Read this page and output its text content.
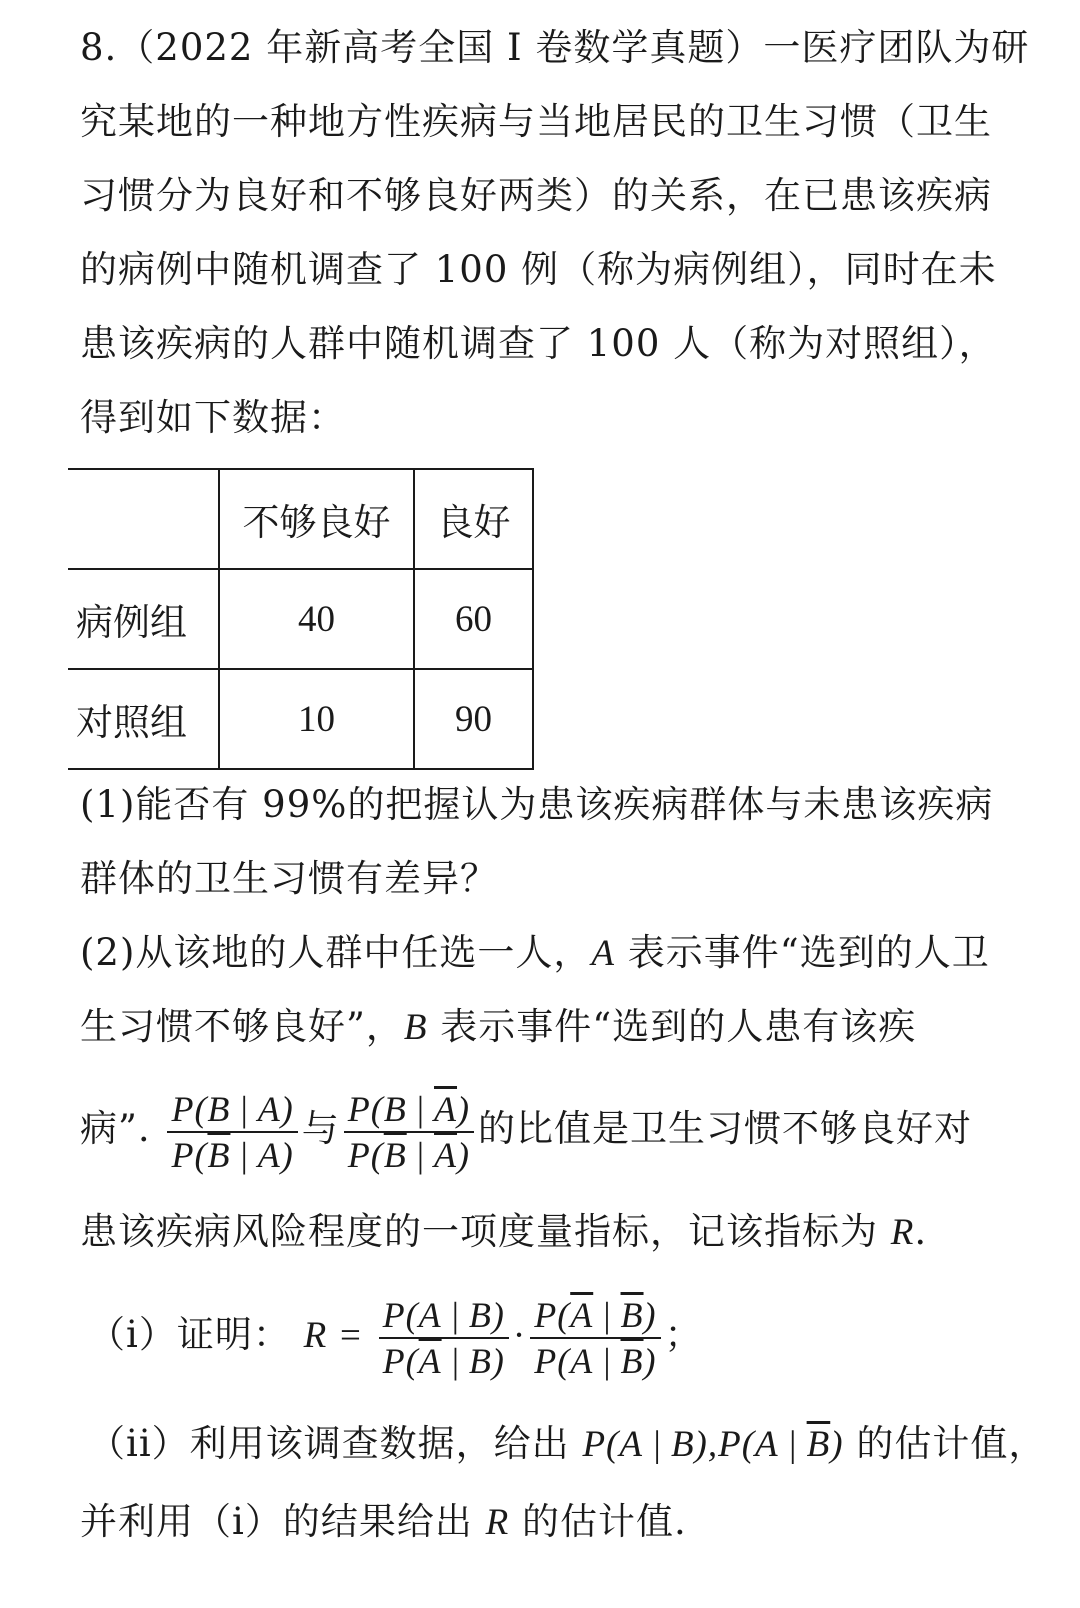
8.（2022 年新高考全国 I 卷数学真题）一医疗团队为研
究某地的一种地方性疾病与当地居民的卫生习惯（卫生
习惯分为良好和不够良好两类）的关系，在已患该疾病
的病例中随机调查了 100 例（称为病例组），同时在未
患该疾病的人群中随机调查了 100 人（称为对照组），
得到如下数据：
	不够良好	良好
病例组	40	60
对照组	10	90
(1)能否有 99%的把握认为患该疾病群体与未患该疾病
群体的卫生习惯有差异？
(2)从该地的人群中任选一人，A 表示事件“选到的人卫
生习惯不够良好”，B 表示事件“选到的人患有该疾
病”. $\frac{P(B | A)}{P(\overline{B} | A)}$ 与 $\frac{P(B | \overline{A})}{P(\overline{B} | \overline{A})}$ 的比值是卫生习惯不够良好对
患该疾病风险程度的一项度量指标，记该指标为 R.
（i）证明： $R = \frac{P(A | B)}{P(\overline{A} | B)} \cdot \frac{P(\overline{A} | \overline{B})}{P(A | \overline{B})}$ ；
（ii）利用该调查数据，给出 P(A | B),P(A | $\overline{B}$) 的估计值，
并利用（i）的结果给出 R 的估计值.
